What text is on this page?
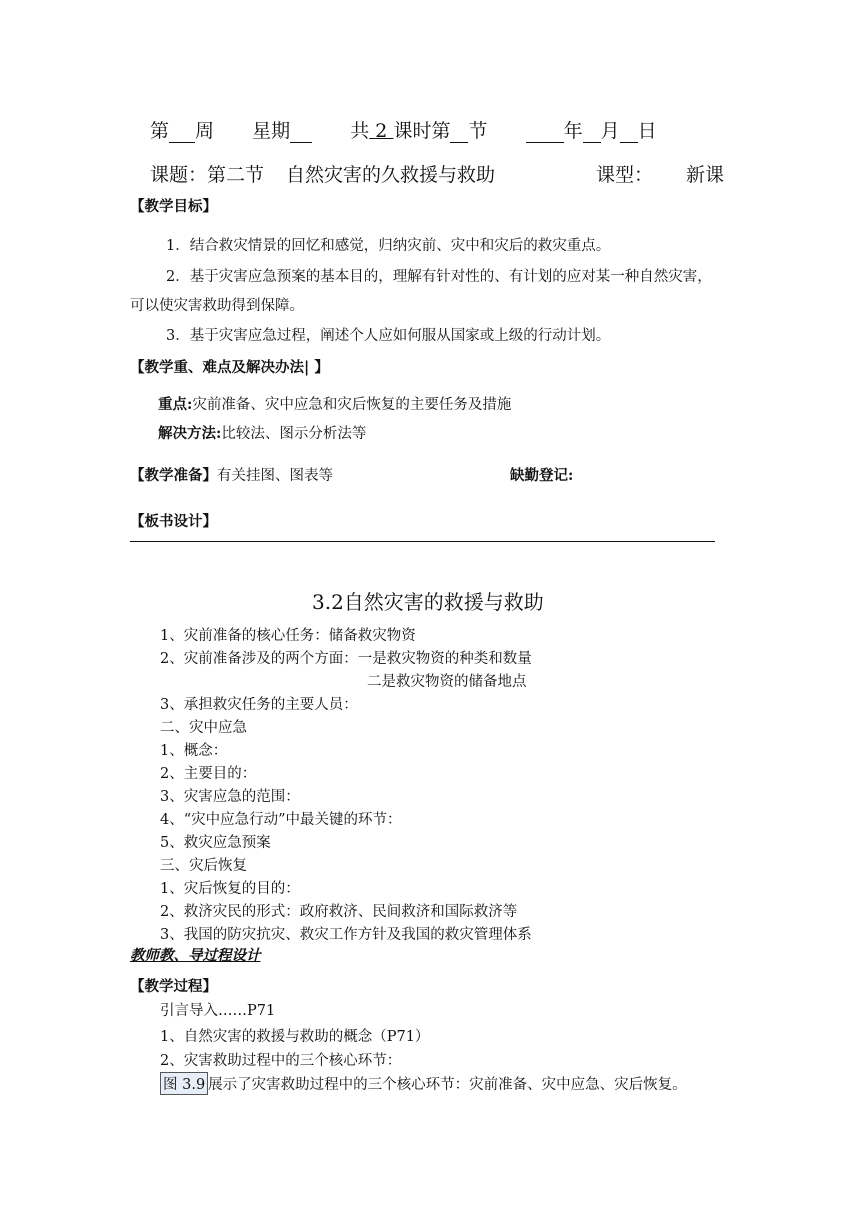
第 周 星期	共 2 课时第 节	年 月 日
课题：第二节 自然灾害的久救援与救助	课型： 新课
【教学目标】
1．结合救灾情景的回忆和感觉，归纳灾前、灾中和灾后的救灾重点。
2．基于灾害应急预案的基本目的，理解有针对性的、有计划的应对某一种自然灾害，
可以使灾害救助得到保障。
3．基于灾害应急过程，阐述个人应如何服从国家或上级的行动计划。
【教学重、难点及解决办法| 】
重点:灾前准备、灾中应急和灾后恢复的主要任务及措施
解决方法:比较法、图示分析法等
【教学准备】有关挂图、图表等	缺勤登记:
【板书设计】
3.2自然灾害的救援与救助
1、灾前准备的核心任务：储备救灾物资
2、灾前准备涉及的两个方面：一是救灾物资的种类和数量
二是救灾物资的储备地点
3、承担救灾任务的主要人员：
二、灾中应急
1、概念：
2、主要目的：
3、灾害应急的范围：
4、“灾中应急行动”中最关键的环节：
5、救灾应急预案
三、灾后恢复
1、灾后恢复的目的：
2、救济灾民的形式：政府救济、民间救济和国际救济等
3、我国的防灾抗灾、救灾工作方针及我国的救灾管理体系
教师教、导过程设计
【教学过程】
引言导入……P71
1、自然灾害的救援与救助的概念（P71）
2、灾害救助过程中的三个核心环节：
图 3.9 展示了灾害救助过程中的三个核心环节：灾前准备、灾中应急、灾后恢复。
